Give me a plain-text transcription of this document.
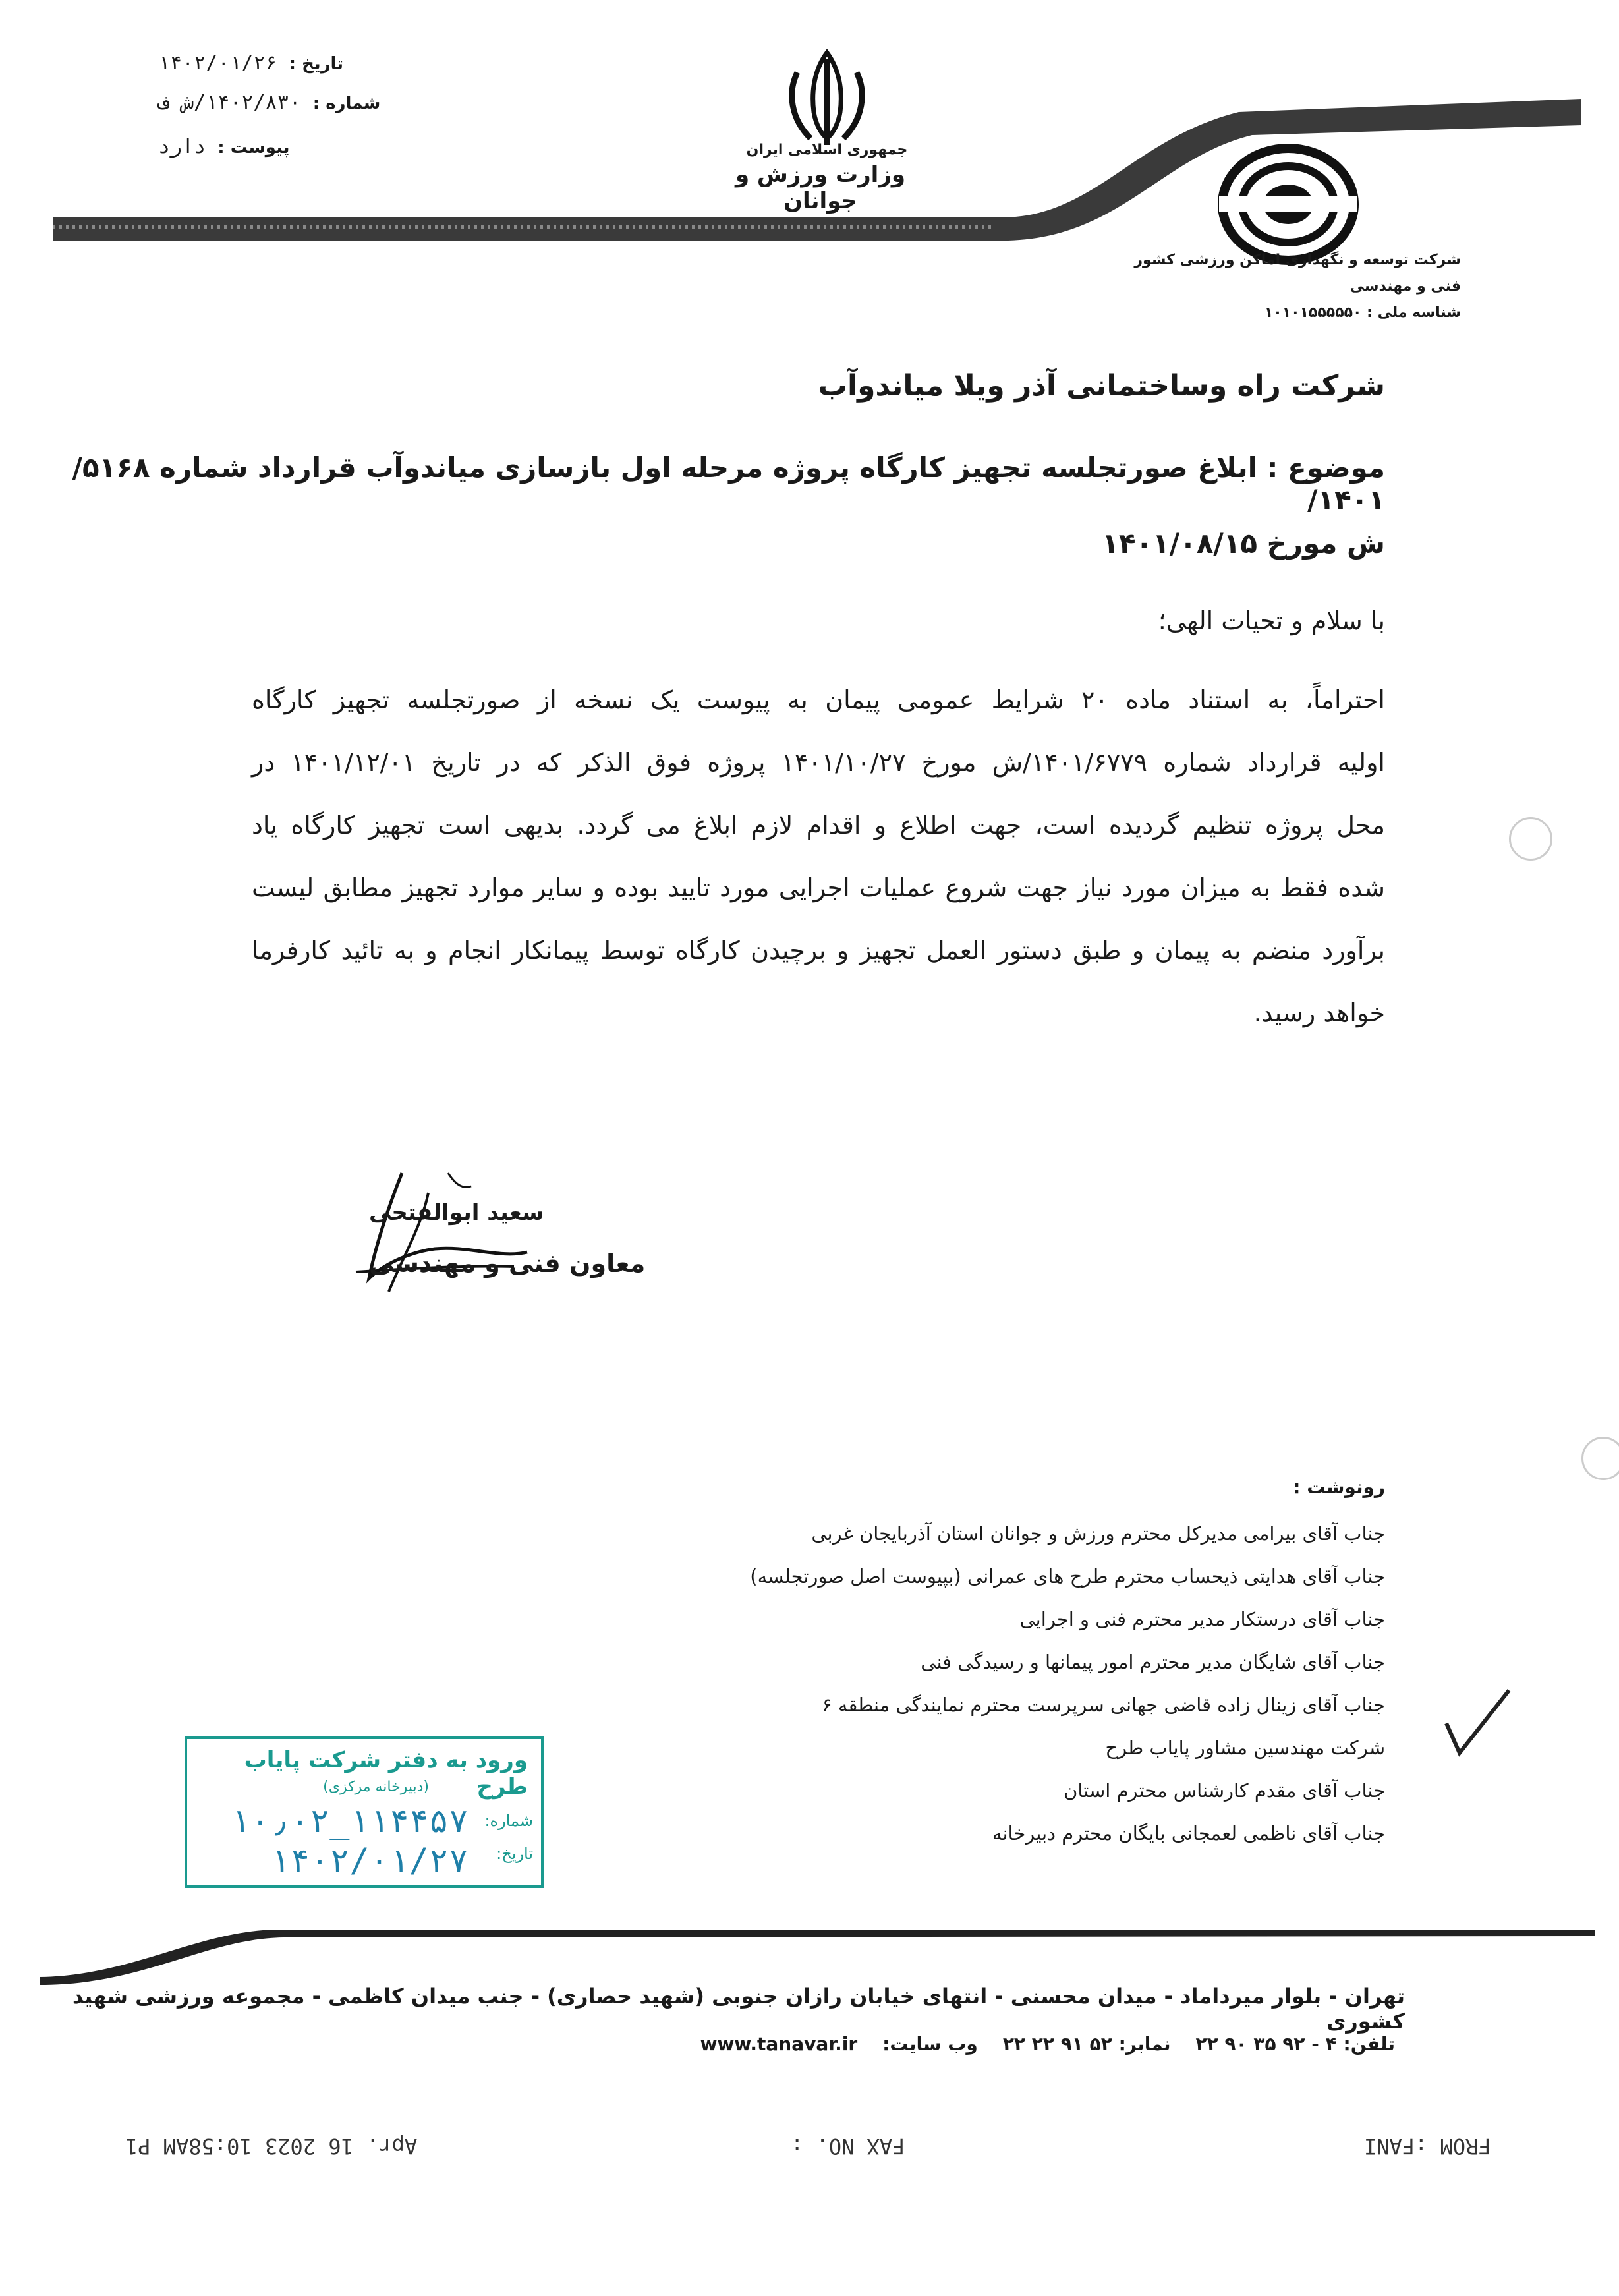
تاریخ :
۱۴۰۲/۰۱/۲۶
شماره :
۱۴۰۲/۸۳۰/ش ف
پیوست :
دارد	جمهوری اسلامی ایران
وزارت ورزش و جوانان
شرکت توسعه و نگهداری اماکن ورزشی کشور
فنی و مهندسی
شناسه ملی : ۱۰۱۰۱۵۵۵۵۵۰
شرکت راه وساختمانی آذر ویلا میاندوآب
موضوع : ابلاغ صورتجلسه تجهیز کارگاه پروژه مرحله اول بازسازی میاندوآب قرارداد شماره ۵۱۶۸/ ۱۴۰۱/
ش مورخ ۱۴۰۱/۰۸/۱۵
با سلام و تحیات الهی؛
احتراماً، به استناد ماده ۲۰ شرایط عمومی پیمان به پیوست یک نسخه از صورتجلسه تجهیز کارگاه
اولیه قرارداد شماره ۱۴۰۱/۶۷۷۹/ش مورخ ۱۴۰۱/۱۰/۲۷ پروژه فوق الذکر که در تاریخ ۱۴۰۱/۱۲/۰۱ در
محل پروژه تنظیم گردیده است، جهت اطلاع و اقدام لازم ابلاغ می گردد. بدیهی است تجهیز کارگاه یاد
شده فقط به میزان مورد نیاز جهت شروع عملیات اجرایی مورد تایید بوده و سایر موارد تجهیز مطابق لیست
برآورد منضم به پیمان و طبق دستور العمل تجهیز و برچیدن کارگاه توسط پیمانکار انجام و به تائید کارفرما
خواهد رسید.
سعید ابوالفتحی
معاون فنی و مهندسی
رونوشت :
جناب آقای بیرامی مدیرکل محترم ورزش و جوانان استان آذربایجان غربی
جناب آقای هدایتی ذیحساب محترم طرح های عمرانی (بپیوست اصل صورتجلسه)
جناب آقای درستکار مدیر محترم فنی و اجرایی
جناب آقای شایگان مدیر محترم امور پیمانها و رسیدگی فنی
جناب آقای زینال زاده قاضی جهانی سرپرست محترم نمایندگی منطقه ۶
شرکت مهندسین مشاور پایاب طرح
جناب آقای مقدم کارشناس محترم استان
جناب آقای ناظمی لعمجانی بایگان محترم دبیرخانه
ورود به دفتر شرکت پایاب طرح
(دبیرخانه مرکزی)
شماره:
تاریخ:
۱۰٫۰۲_۱۱۴۴۵۷
۱۴۰۲/۰۱/۲۷
تهران - بلوار میرداماد - میدان محسنی - انتهای خیابان رازان جنوبی (شهید حصاری) - جنب میدان کاظمی - مجموعه ورزشی شهید کشوری
تلفن: ۴ - ۹۲ ۳۵ ۹۰ ۲۲
نمابر: ۵۲ ۹۱ ۲۲ ۲۲
وب سایت:
www.tanavar.ir
FROM :FANI
FAX NO. :
Apr. 16 2023 10:58AM P1
